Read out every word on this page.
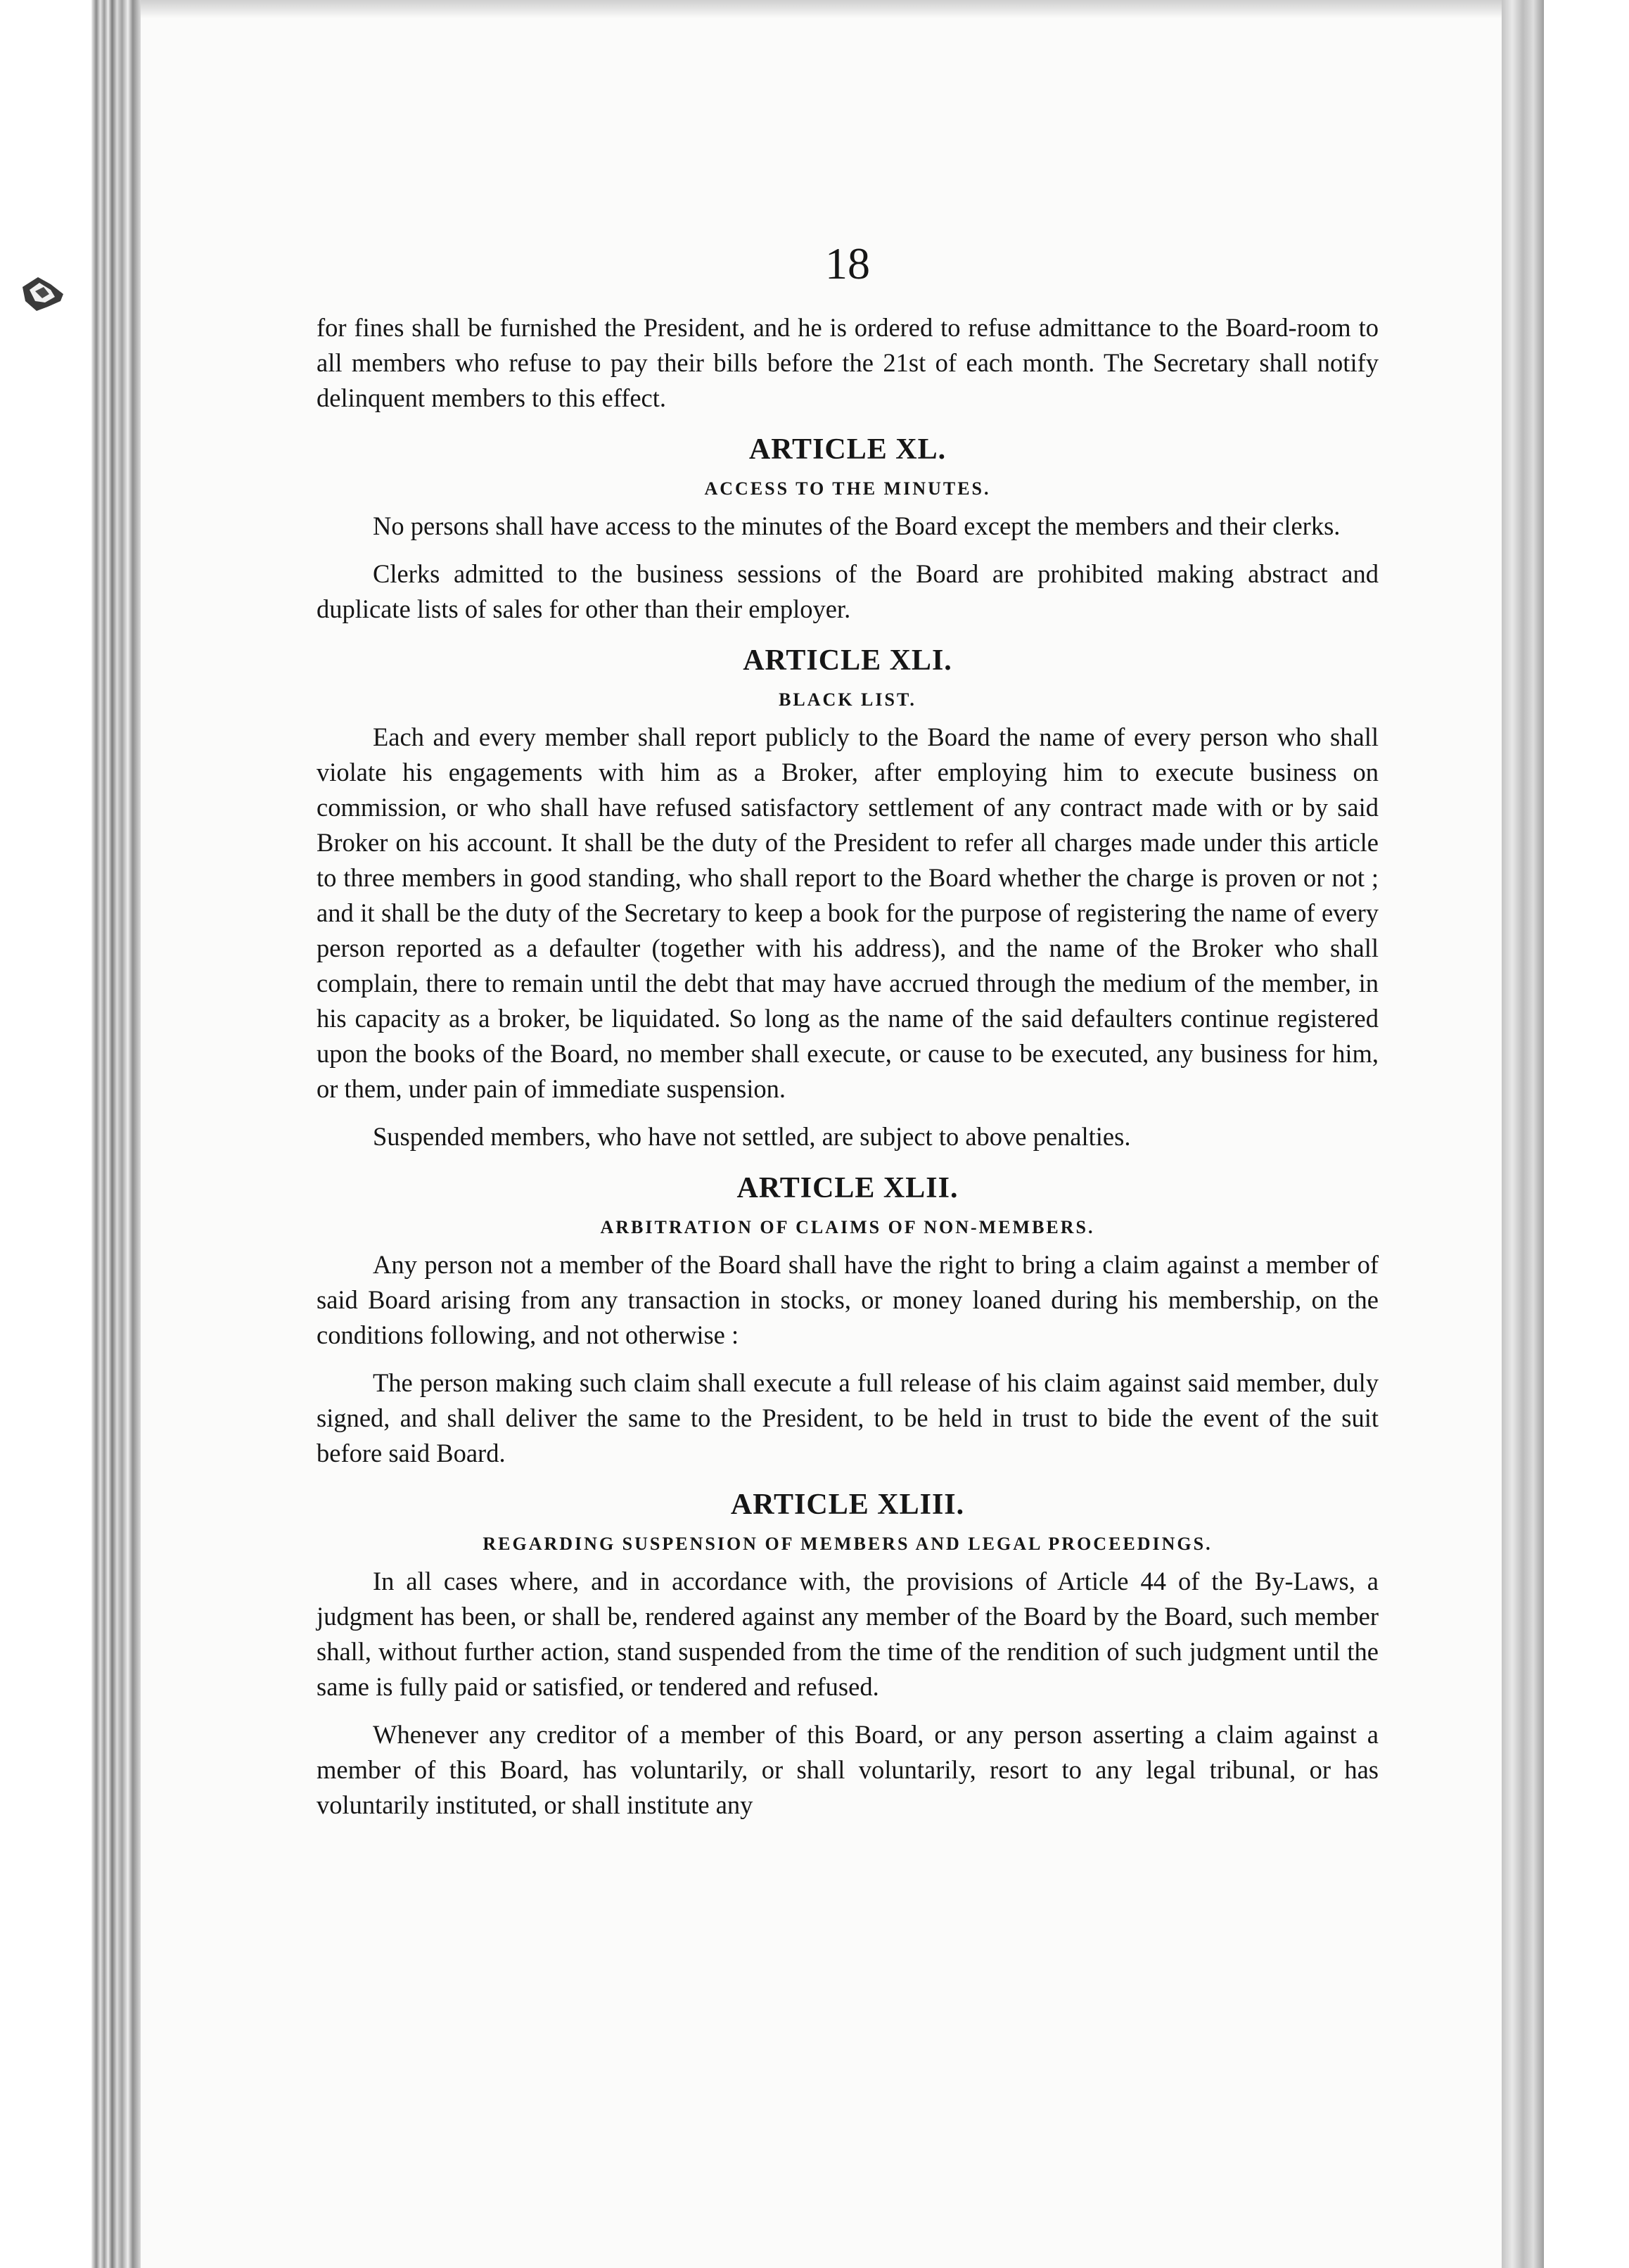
18

for fines shall be furnished the President, and he is ordered to refuse admittance to the Board-room to all members who refuse to pay their bills before the 21st of each month. The Secretary shall notify delinquent members to this effect.

ARTICLE XL.
ACCESS TO THE MINUTES.

No persons shall have access to the minutes of the Board except the members and their clerks.

Clerks admitted to the business sessions of the Board are prohibited making abstract and duplicate lists of sales for other than their employer.

ARTICLE XLI.
BLACK LIST.

Each and every member shall report publicly to the Board the name of every person who shall violate his engagements with him as a Broker, after employing him to execute business on commission, or who shall have refused satisfactory settlement of any contract made with or by said Broker on his account. It shall be the duty of the President to refer all charges made under this article to three members in good standing, who shall report to the Board whether the charge is proven or not ; and it shall be the duty of the Secretary to keep a book for the purpose of registering the name of every person reported as a defaulter (together with his address), and the name of the Broker who shall complain, there to remain until the debt that may have accrued through the medium of the member, in his capacity as a broker, be liquidated. So long as the name of the said defaulters continue registered upon the books of the Board, no member shall execute, or cause to be executed, any business for him, or them, under pain of immediate suspension.

Suspended members, who have not settled, are subject to above penalties.

ARTICLE XLII.
ARBITRATION OF CLAIMS OF NON-MEMBERS.

Any person not a member of the Board shall have the right to bring a claim against a member of said Board arising from any transaction in stocks, or money loaned during his membership, on the conditions following, and not otherwise :

The person making such claim shall execute a full release of his claim against said member, duly signed, and shall deliver the same to the President, to be held in trust to bide the event of the suit before said Board.

ARTICLE XLIII.
REGARDING SUSPENSION OF MEMBERS AND LEGAL PROCEEDINGS.

In all cases where, and in accordance with, the provisions of Article 44 of the By-Laws, a judgment has been, or shall be, rendered against any member of the Board by the Board, such member shall, without further action, stand suspended from the time of the rendition of such judgment until the same is fully paid or satisfied, or tendered and refused.

Whenever any creditor of a member of this Board, or any person asserting a claim against a member of this Board, has voluntarily, or shall voluntarily, resort to any legal tribunal, or has voluntarily instituted, or shall institute any
